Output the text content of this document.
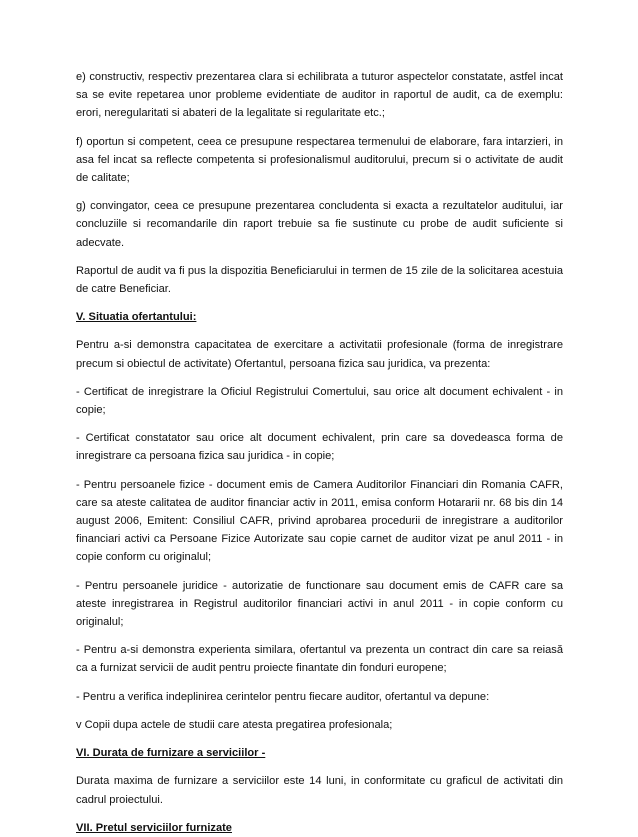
e) constructiv, respectiv prezentarea clara si echilibrata a tuturor aspectelor constatate, astfel incat sa se evite repetarea unor probleme evidentiate de auditor in raportul de audit, ca de exemplu: erori, neregularitati si abateri de la legalitate si regularitate etc.;

f) oportun si competent, ceea ce presupune respectarea termenului de elaborare, fara intarzieri, in asa fel incat sa reflecte competenta si profesionalismul auditorului, precum si o activitate de audit de calitate;

g) convingator, ceea ce presupune prezentarea concludenta si exacta a rezultatelor auditului, iar concluziile si recomandarile din raport trebuie sa fie sustinute cu probe de audit suficiente si adecvate.

Raportul de audit va fi pus la dispozitia Beneficiarului in termen de 15 zile de la solicitarea acestuia de catre Beneficiar.

V. Situatia ofertantului:

Pentru a-si demonstra capacitatea de exercitare a activitatii profesionale (forma de inregistrare precum si obiectul de activitate) Ofertantul, persoana fizica sau juridica, va prezenta:

- Certificat de inregistrare la Oficiul Registrului Comertului, sau orice alt document echivalent - in copie;

- Certificat constatator sau orice alt document echivalent, prin care sa dovedeasca forma de inregistrare ca persoana fizica sau juridica - in copie;

- Pentru persoanele fizice - document emis de Camera Auditorilor Financiari din Romania CAFR, care sa ateste calitatea de auditor financiar activ in 2011, emisa conform Hotararii nr. 68 bis din 14 august 2006, Emitent: Consiliul CAFR, privind aprobarea procedurii de inregistrare a auditorilor financiari activi ca Persoane Fizice Autorizate sau copie carnet de auditor vizat pe anul 2011 - in copie conform cu originalul;

- Pentru persoanele juridice - autorizatie de functionare sau document emis de CAFR care sa ateste inregistrarea in Registrul auditorilor financiari activi in anul 2011 - in copie conform cu originalul;

- Pentru a-si demonstra experienta similara, ofertantul va prezenta un contract din care sa reiasă ca a furnizat servicii de audit pentru proiecte finantate din fonduri europene;

- Pentru a verifica indeplinirea cerintelor pentru fiecare auditor, ofertantul va depune:

v Copii dupa actele de studii care atesta pregatirea profesionala;

VI. Durata de furnizare a serviciilor -

Durata maxima de furnizare a serviciilor este 14 luni, in conformitate cu graficul de activitati din cadrul proiectului.

VII. Pretul serviciilor furnizate
